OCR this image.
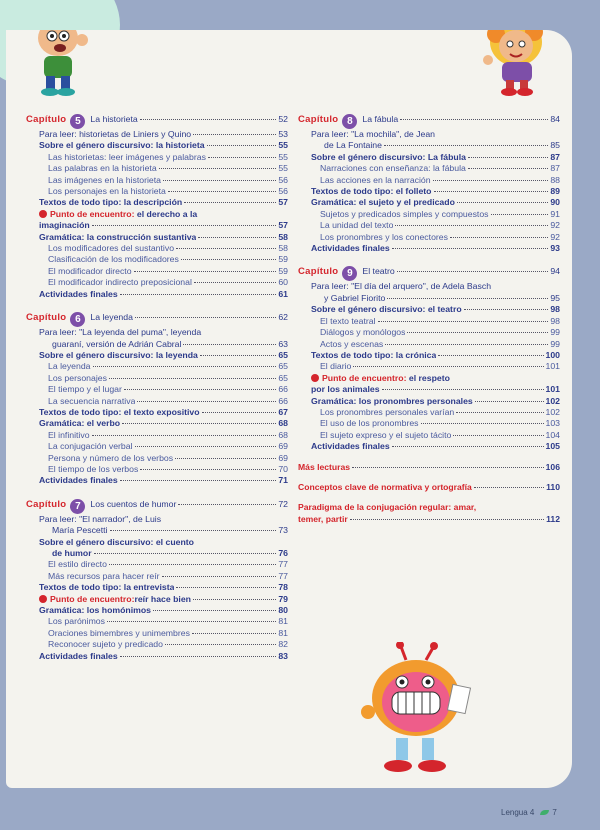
Capítulo 5	La historieta	52
Para leer: historietas de Liniers y Quino	53
Sobre el género discursivo: la historieta	55
Las historietas: leer imágenes y palabras	55
Las palabras en la historieta	55
Las imágenes en la historieta	56
Los personajes en la historieta	56
Textos de todo tipo: la descripción	57
Punto de encuentro: el derecho a la
imaginación	57
Gramática: la construcción sustantiva	58
Los modificadores del sustantivo	58
Clasificación de los modificadores	59
El modificador directo	59
El modificador indirecto preposicional	60
Actividades finales	61
Capítulo 6	La leyenda	62
Para leer: "La leyenda del puma", leyenda
guaraní, versión de Adrián Cabral	63
Sobre el género discursivo: la leyenda	65
La leyenda	65
Los personajes	65
El tiempo y el lugar	66
La secuencia narrativa	66
Textos de todo tipo: el texto expositivo	67
Gramática: el verbo	68
El infinitivo	68
La conjugación verbal	69
Persona y número de los verbos	69
El tiempo de los verbos	70
Actividades finales	71
Capítulo 7	Los cuentos de humor	72
Para leer: "El narrador", de Luis
María Pescetti	73
Sobre el género discursivo: el cuento
de humor	76
El estilo directo	77
Más recursos para hacer reír	77
Textos de todo tipo: la entrevista	78
Punto de encuentro: reír hace bien	79
Gramática: los homónimos	80
Los parónimos	81
Oraciones bimembres y unimembres	81
Reconocer sujeto y predicado	82
Actividades finales	83
Capítulo 8	La fábula	84
Para leer: "La mochila", de Jean
de La Fontaine	85
Sobre el género discursivo: La fábula	87
Narraciones con enseñanza: la fábula	87
Las acciones en la narración	88
Textos de todo tipo: el folleto	89
Gramática: el sujeto y el predicado	90
Sujetos y predicados simples y compuestos	91
La unidad del texto	92
Los pronombres y los conectores	92
Actividades finales	93
Capítulo 9	El teatro	94
Para leer: "El día del arquero", de Adela Basch
y Gabriel Fiorito	95
Sobre el género discursivo: el teatro	98
El texto teatral	98
Diálogos y monólogos	99
Actos y escenas	99
Textos de todo tipo: la crónica	100
El diario	101
Punto de encuentro: el respeto
por los animales	101
Gramática: los pronombres personales	102
Los pronombres personales varían	102
El uso de los pronombres	103
El sujeto expreso y el sujeto tácito	104
Actividades finales	105
Más lecturas	106
Conceptos clave de normativa y ortografía	110
Paradigma de la conjugación regular: amar,
temer, partir	112
Lengua 4 7
